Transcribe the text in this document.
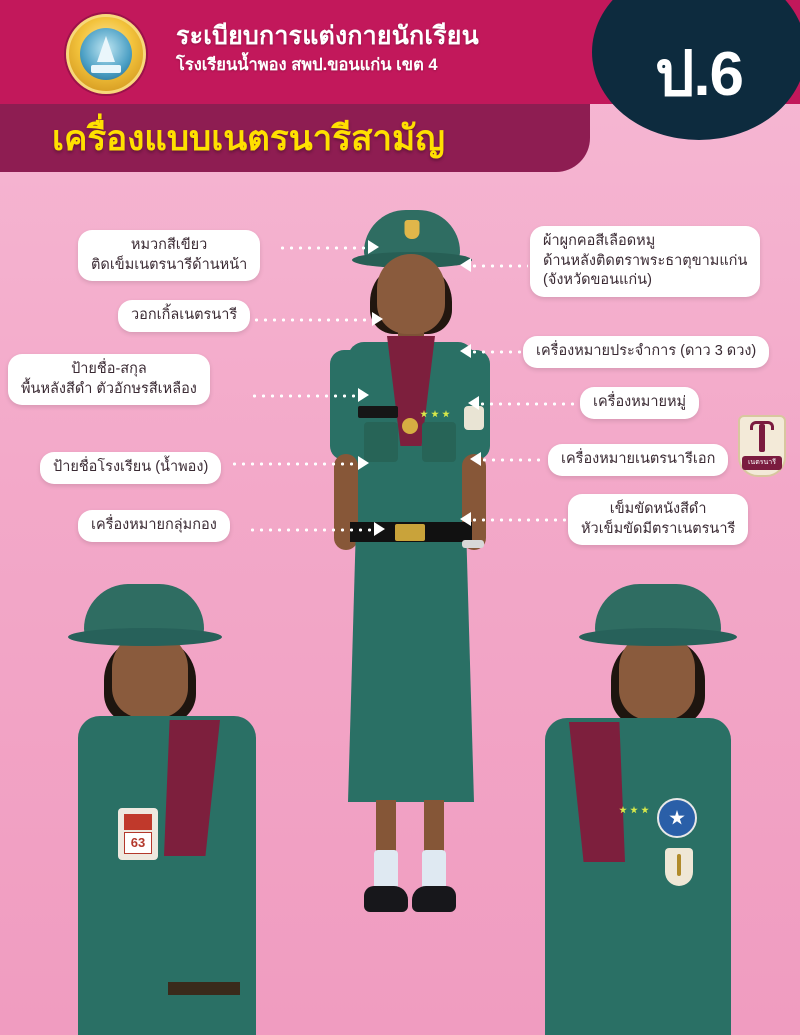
ระเบียบการแต่งกายนักเรียน
โรงเรียนน้ำพอง สพป.ขอนแก่น เขต 4	ป.6
เครื่องแบบเนตรนารีสามัญ
63
เนตรนารี
หมวกสีเขียว
ติดเข็มเนตรนารีด้านหน้า
วอกเกิ้ลเนตรนารี
ป้ายชื่อ-สกุล
พื้นหลังสีดำ ตัวอักษรสีเหลือง
ป้ายชื่อโรงเรียน (น้ำพอง)
เครื่องหมายกลุ่มกอง
ผ้าผูกคอสีเลือดหมู
ด้านหลังติดตราพระธาตุขามแก่น
(จังหวัดขอนแก่น)
เครื่องหมายประจำการ (ดาว 3 ดวง)
เครื่องหมายหมู่
เครื่องหมายเนตรนารีเอก
เข็มขัดหนังสีดำ
หัวเข็มขัดมีตราเนตรนารี
